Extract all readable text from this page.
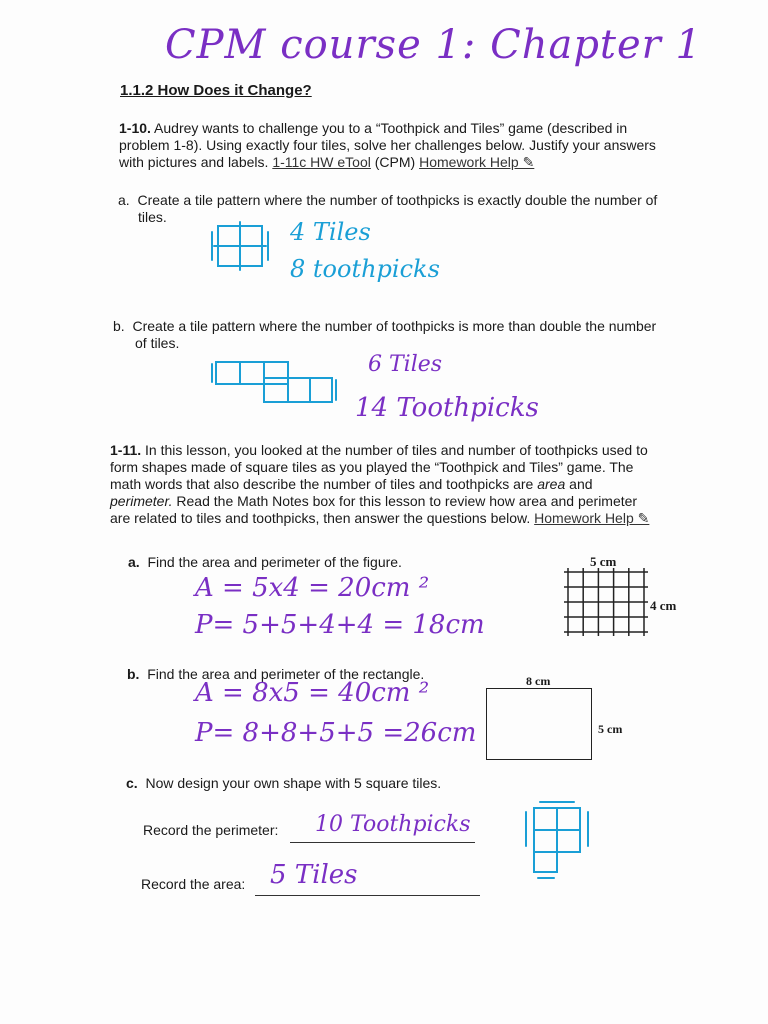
CPM course 1: Chapter 1
1.1.2 How Does it Change?
1-10. Audrey wants to challenge you to a “Toothpick and Tiles” game (described in
problem 1-8). Using exactly four tiles, solve her challenges below. Justify your answers
with pictures and labels. 1-11c HW eTool (CPM) Homework Help ✎
a. Create a tile pattern where the number of toothpicks is exactly double the number of
tiles.
4 Tiles
8 toothpicks
b. Create a tile pattern where the number of toothpicks is more than double the number
of tiles.
6 Tiles
14 Toothpicks
1-11. In this lesson, you looked at the number of tiles and number of toothpicks used to
form shapes made of square tiles as you played the “Toothpick and Tiles” game. The
math words that also describe the number of tiles and toothpicks are area and
perimeter. Read the Math Notes box for this lesson to review how area and perimeter
are related to tiles and toothpicks, then answer the questions below. Homework Help ✎
a. Find the area and perimeter of the figure.
A = 5x4 = 20cm ²
P= 5+5+4+4 = 18cm
5 cm
4 cm
b. Find the area and perimeter of the rectangle.
A = 8x5 = 40cm ²
P= 8+8+5+5 =26cm
8 cm
5 cm
c. Now design your own shape with 5 square tiles.
Record the perimeter: 10 Toothpicks
Record the area: 5 Tiles
